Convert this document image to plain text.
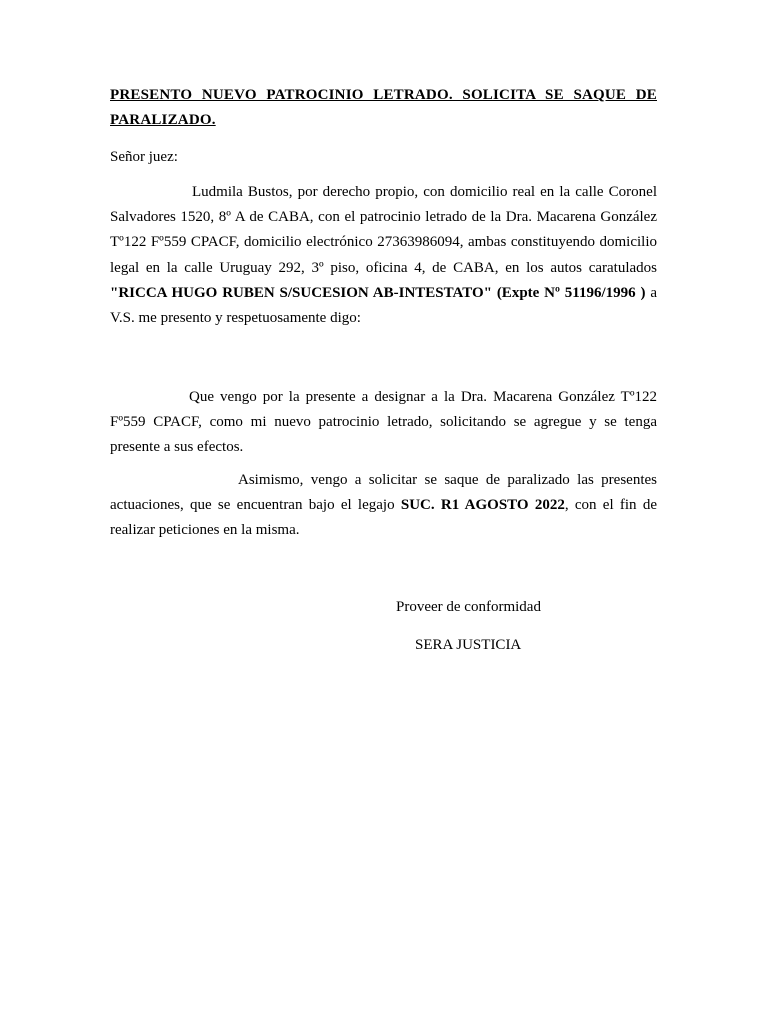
PRESENTO NUEVO PATROCINIO LETRADO. SOLICITA SE SAQUE DE PARALIZADO.

Señor juez:

Ludmila Bustos, por derecho propio, con domicilio real en la calle Coronel Salvadores 1520, 8º A de CABA, con el patrocinio letrado de la Dra. Macarena González Tº122 Fº559 CPACF, domicilio electrónico 27363986094, ambas constituyendo domicilio legal en la calle Uruguay 292, 3º piso, oficina 4, de CABA, en los autos caratulados "RICCA HUGO RUBEN S/SUCESION AB-INTESTATO" (Expte Nº 51196/1996 ) a V.S. me presento y respetuosamente digo:

Que vengo por la presente a designar a la Dra. Macarena González Tº122 Fº559 CPACF, como mi nuevo patrocinio letrado, solicitando se agregue y se tenga presente a sus efectos.

Asimismo, vengo a solicitar se saque de paralizado las presentes actuaciones, que se encuentran bajo el legajo SUC. R1 AGOSTO 2022, con el fin de realizar peticiones en la misma.

Proveer de conformidad

SERA JUSTICIA
